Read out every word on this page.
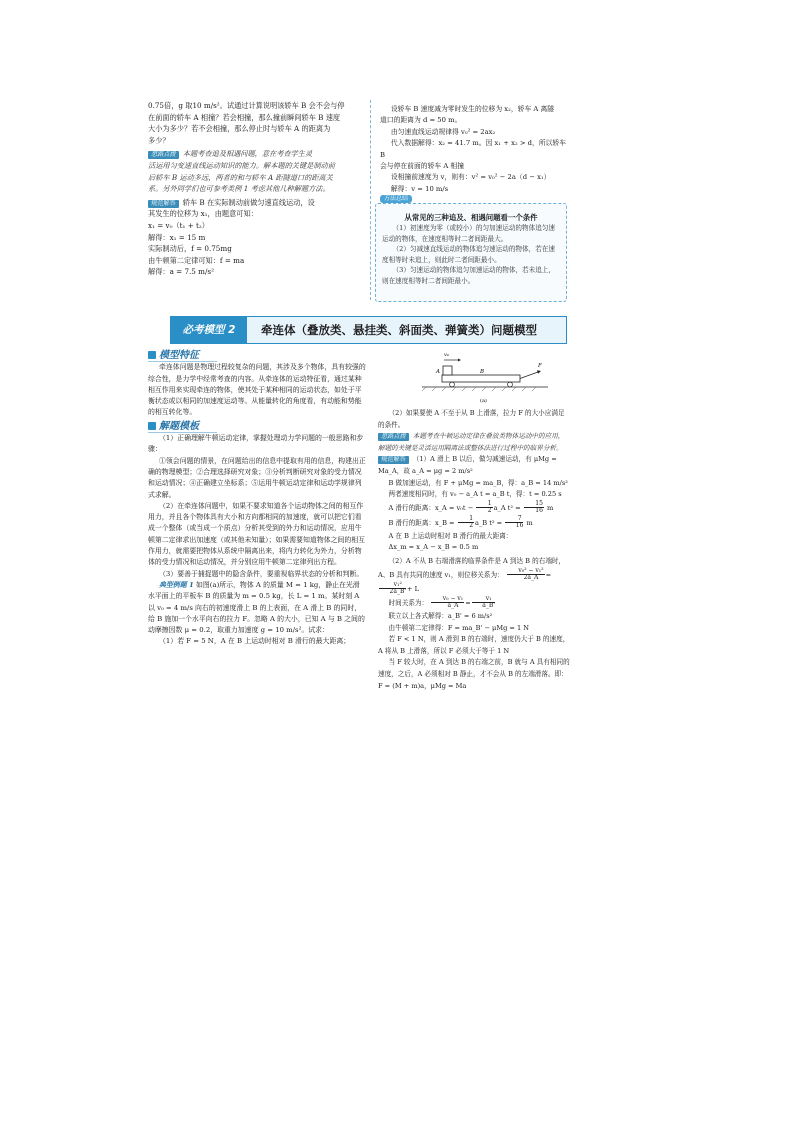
0.75倍，g 取10 m/s²。试通过计算说明该轿车 B 会不会与停

在前面的轿车 A 相撞？若会相撞，那么撞前瞬间轿车 B 速度

大小为多少？若不会相撞，那么停止时与轿车 A 的距离为

多少？

思路点拨 本题考查追及相遇问题，意在考查学生灵

活运用匀变速直线运动知识的能力。解本题的关键是制动前

后轿车 B 运动多远，两者的和与轿车 A 距隧道口的距离关

系。另外同学们也可参考类例 1 考虑其他几种解题方法。

规范解答 轿车 B 在实际制动前做匀速直线运动，设

其发生的位移为 x₁，由题意可知：

x₁ = v₀（t₁ + t₂）

解得：x₁ = 15 m

实际制动后，f = 0.75mg

由牛顿第二定律可知：f = ma

解得：a = 7.5 m/s²

设轿车 B 速度减为零时发生的位移为 x₂，轿车 A 离隧

道口的距离为 d = 50 m。

由匀速直线运动规律得 v₀² = 2ax₂

代入数据解得：x₂ = 41.7 m。因 x₁ + x₂ > d，所以轿车 B

会与停在前面的轿车 A 相撞

设相撞前速度为 v，则有：v² = v₀² − 2a（d − x₁）

解得：v = 10 m/s

方法总结
从常见的三种追及、相遇问题看一个条件

（1）初速度为零（或较小）的匀加速运动的物体追匀速运动的物体，在速度相等时二者间距最大。

（2）匀减速直线运动的物体追匀速运动的物体，若在速度相等时未追上，则此时二者间距最小。

（3）匀速运动的物体追匀加速运动的物体，若未追上，则在速度相等时二者间距最小。

必考模型 2	牵连体（叠放类、悬挂类、斜面类、弹簧类）问题模型
模型特征

牵连体问题是物理过程较复杂的问题，其涉及多个物体，具有较强的综合性，是力学中经常考查的内容。从牵连体的运动特征看，通过某种相互作用来实现牵连的物体，使其处于某种相同的运动状态，如处于平衡状态或以相同的加速度运动等。从能量转化的角度看，有动能和势能的相互转化等。

解题模板

（1）正确理解牛顿运动定律，掌握处理动力学问题的一般思路和步骤：

①领会问题的情景，在问题给出的信息中提取有用的信息，构建出正确的物理模型；②合理选择研究对象；③分析判断研究对象的受力情况和运动情况；④正确建立坐标系；⑤运用牛顿运动定律和运动学规律列式求解。

（2）在牵连体问题中，如果不要求知道各个运动物体之间的相互作用力，并且各个物体具有大小和方向都相同的加速度，就可以把它们看成一个整体（或当成一个质点）分析其受到的外力和运动情况，应用牛顿第二定律求出加速度（或其他未知量）；如果需要知道物体之间的相互作用力，就需要把物体从系统中隔离出来，将内力转化为外力，分析物体的受力情况和运动情况，并分别应用牛顿第二定律列出方程。

（3）要善于捕捉题中的隐含条件，要重视临界状态的分析和判断。

典型例题 1 如图(a)所示，物体 A 的质量 M = 1 kg，静止在光滑水平面上的平板车 B 的质量为 m = 0.5 kg，长 L = 1 m。某时刻 A 以 v₀ = 4 m/s 向右的初速度滑上 B 的上表面，在 A 滑上 B 的同时，给 B 施加一个水平向右的拉力 F。忽略 A 的大小，已知 A 与 B 之间的动摩擦因数 μ = 0.2，取重力加速度 g = 10 m/s²。试求：

（1）若 F = 5 N，A 在 B 上运动时相对 B 滑行的最大距离；

v₀
A	B
F
(a)

（2）如果要使 A 不至于从 B 上滑落，拉力 F 的大小应满足的条件。

思路点拨 本题考查牛顿运动定律在叠放类物体运动中的应用，解题的关键是灵活运用隔离法或整体法进行过程中的临界分析。

规范解答 （1）A 滑上 B 以后，做匀减速运动，有 μMg = Ma_A，故 a_A = μg = 2 m/s²

B 做加速运动，有 F + μMg = ma_B，得：a_B = 14 m/s²

两者速度相同时，有 v₀ − a_A t = a_B t，得：t = 0.25 s

A 滑行的距离：x_A = $v_0t - \frac{1}{2}$ a_A $t^2 = \frac{15}{16}$ m

B 滑行的距离：x_B = $\frac{1}{2}$ a_B $t^2 = \frac{7}{16}$ m

A 在 B 上运动时相对 B 滑行的最大距离：

Δx_m = x_A − x_B = 0.5 m

（2）A 不从 B 右端滑落的临界条件是 A 到达 B 的右端时，A、B 具有共同的速度 v₁，则位移关系为： $\frac{\text{v₀² − v₁²}}{2a\_A}$ =
$\frac{\text{v₁²}}{2a\_B'} + L$

时间关系为： $\frac{\text{v₀ − v₁}}{a\_A} = \frac{\text{v₁}}{a\_B'}$

联立以上各式解得：a_B' = 6 m/s²

由牛顿第二定律得：F = ma_B' − μMg = 1 N

若 F < 1 N，则 A 滑到 B 的右端时，速度仍大于 B 的速度，A 将从 B 上滑落，所以 F 必须大于等于 1 N

当 F 较大时，在 A 到达 B 的右端之前，B 就与 A 具有相同的速度，之后，A 必须相对 B 静止，才不会从 B 的左端滑落。即：F = (M + m)a，μMg = Ma
